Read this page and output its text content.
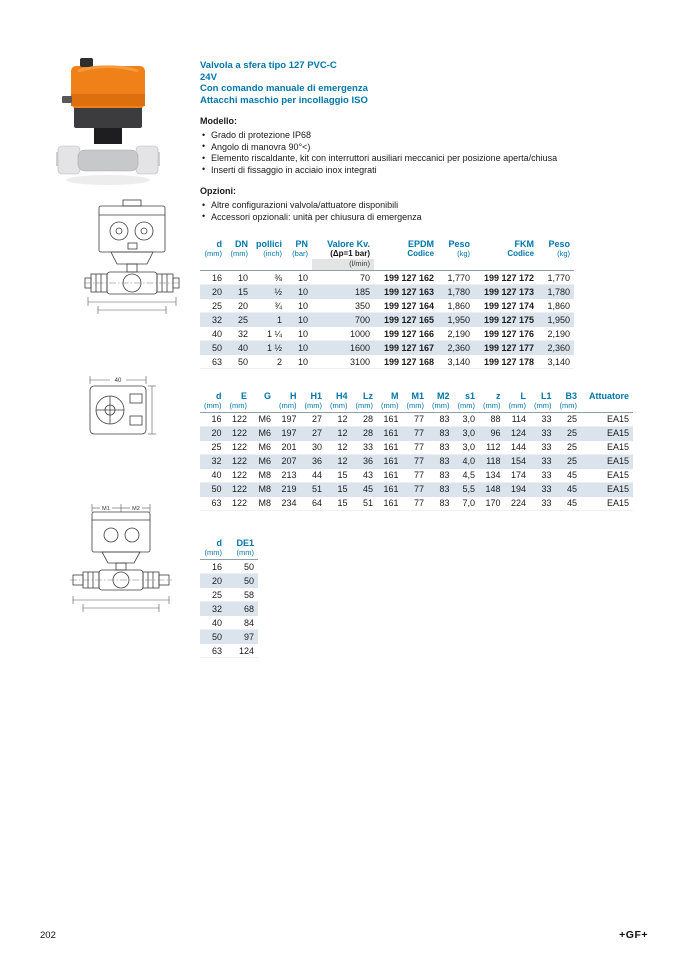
40
M1	M2
Valvola a sfera tipo 127 PVC-C
24V
Con comando manuale di emergenza
Attacchi maschio per incollaggio ISO
Modello:
• Grado di protezione IP68
• Angolo di manovra 90°<)
• Elemento riscaldante, kit con interruttori ausiliari meccanici per posizione aperta/chiusa
• Inserti di fissaggio in acciaio inox integrati
Opzioni:
• Altre configurazioni valvola/attuatore disponibili
• Accessori opzionali: unità per chiusura di emergenza
d	DN	pollici	PN	Valore Kv.	EPDM	Peso	FKM	Peso
(mm)	(mm)	(inch)	(bar)	(Δp=1 bar)	Codice	(kg)	Codice	(kg)
				(l/min)				
16	10	⅜	10	70	199 127 162	1,770	199 127 172	1,770
20	15	½	10	185	199 127 163	1,780	199 127 173	1,780
25	20	¾	10	350	199 127 164	1,860	199 127 174	1,860
32	25	1	10	700	199 127 165	1,950	199 127 175	1,950
40	32	1 ¼	10	1000	199 127 166	2,190	199 127 176	2,190
50	40	1 ½	10	1600	199 127 167	2,360	199 127 177	2,360
63	50	2	10	3100	199 127 168	3,140	199 127 178	3,140
d	E	G	H	H1	H4	Lz	M	M1	M2	s1	z	L	L1	B3	Attuatore
(mm)	(mm)		(mm)	(mm)	(mm)	(mm)	(mm)	(mm)	(mm)	(mm)	(mm)	(mm)	(mm)	(mm)	
16	122	M6	197	27	12	28	161	77	83	3,0	88	114	33	25	EA15
20	122	M6	197	27	12	28	161	77	83	3,0	96	124	33	25	EA15
25	122	M6	201	30	12	33	161	77	83	3,0	112	144	33	25	EA15
32	122	M6	207	36	12	36	161	77	83	4,0	118	154	33	25	EA15
40	122	M8	213	44	15	43	161	77	83	4,5	134	174	33	45	EA15
50	122	M8	219	51	15	45	161	77	83	5,5	148	194	33	45	EA15
63	122	M8	234	64	15	51	161	77	83	7,0	170	224	33	45	EA15
d	DE1
(mm)	(mm)
16	50
20	50
25	58
32	68
40	84
50	97
63	124
202	+GF+
